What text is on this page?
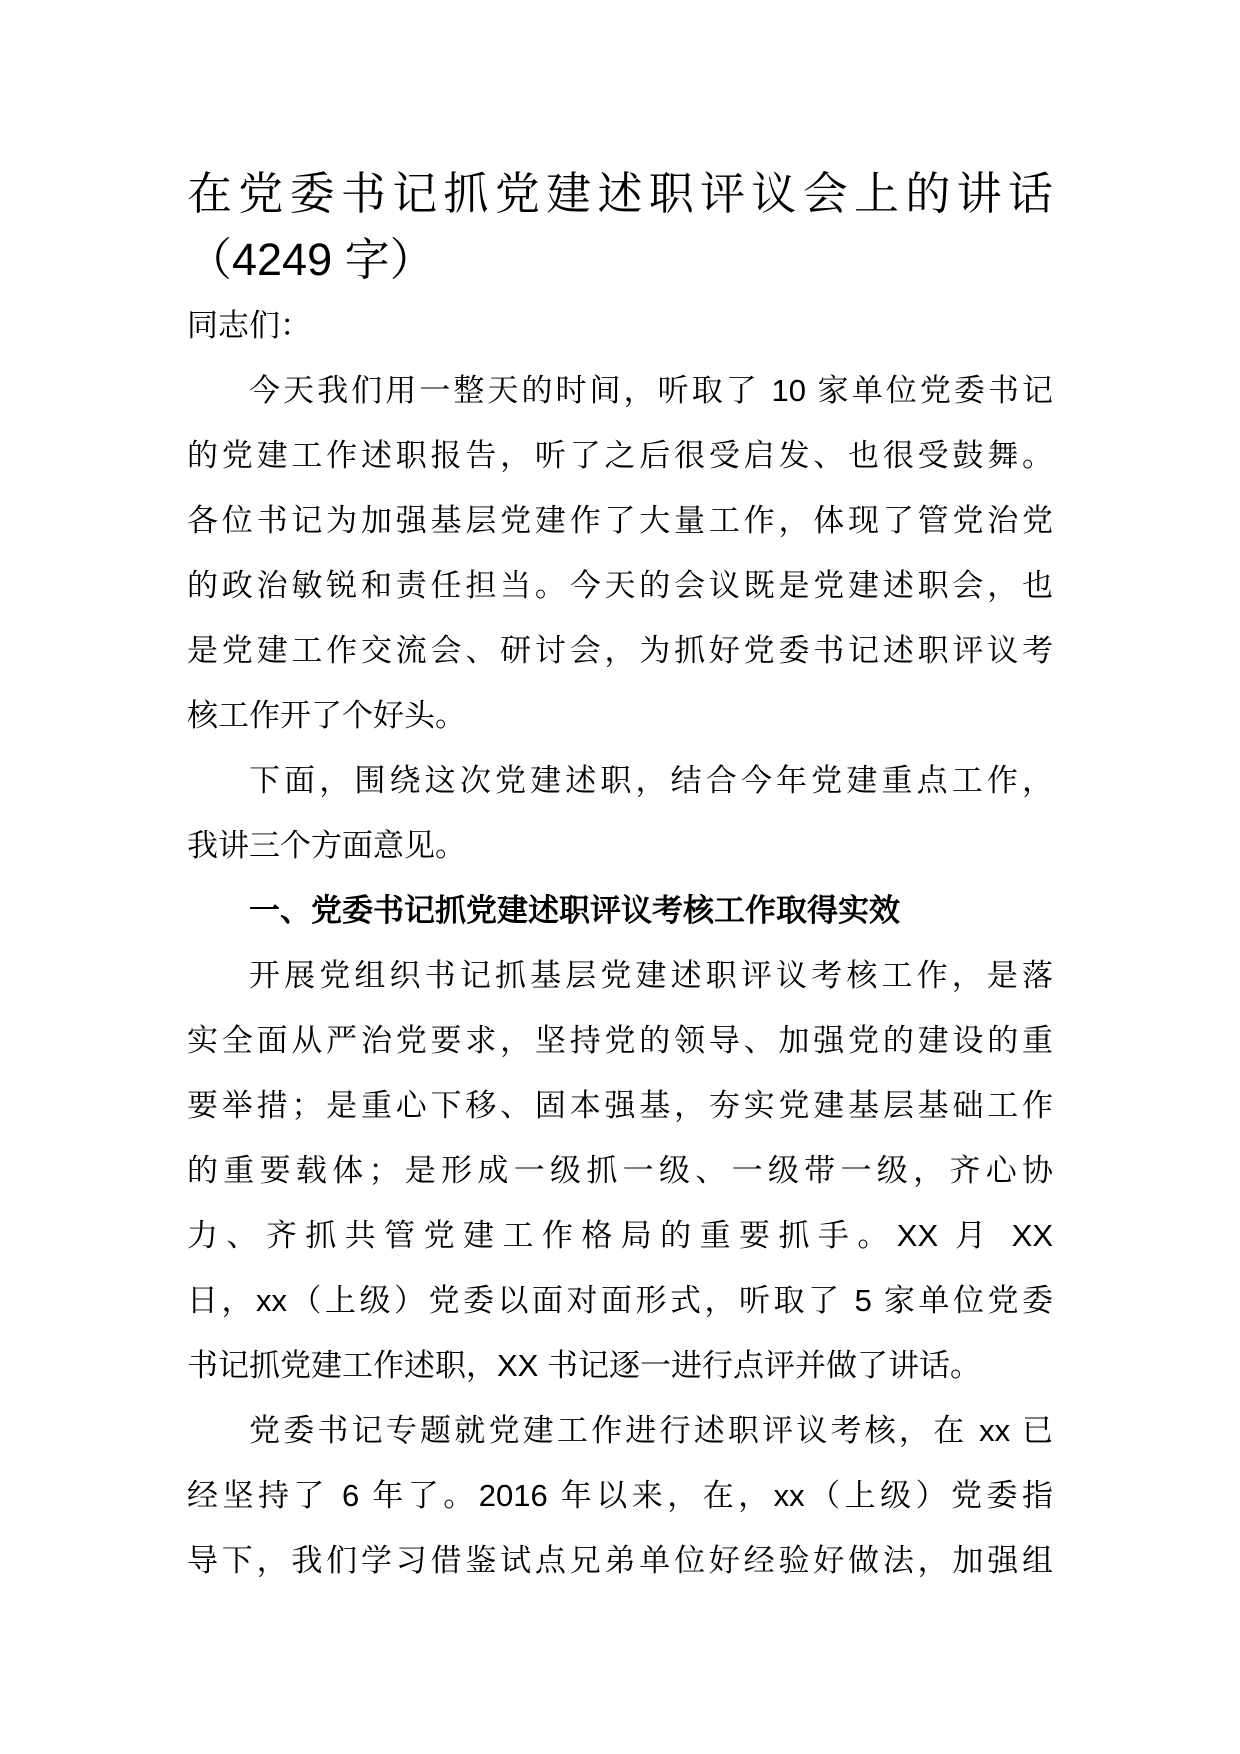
在党委书记抓党建述职评议会上的讲话
（4249 字）
同志们：
今天我们用一整天的时间，听取了 10 家单位党委书记
的党建工作述职报告，听了之后很受启发、也很受鼓舞。
各位书记为加强基层党建作了大量工作，体现了管党治党
的政治敏锐和责任担当。今天的会议既是党建述职会，也
是党建工作交流会、研讨会，为抓好党委书记述职评议考
核工作开了个好头。
下面，围绕这次党建述职，结合今年党建重点工作，
我讲三个方面意见。
一、党委书记抓党建述职评议考核工作取得实效
开展党组织书记抓基层党建述职评议考核工作，是落
实全面从严治党要求，坚持党的领导、加强党的建设的重
要举措；是重心下移、固本强基，夯实党建基层基础工作
的重要载体；是形成一级抓一级、一级带一级，齐心协
力、齐抓共管党建工作格局的重要抓手。XX 月 XX
日，xx（上级）党委以面对面形式，听取了 5 家单位党委
书记抓党建工作述职，XX 书记逐一进行点评并做了讲话。
党委书记专题就党建工作进行述职评议考核，在 xx 已
经坚持了 6 年了。2016 年以来，在，xx（上级）党委指
导下，我们学习借鉴试点兄弟单位好经验好做法，加强组
